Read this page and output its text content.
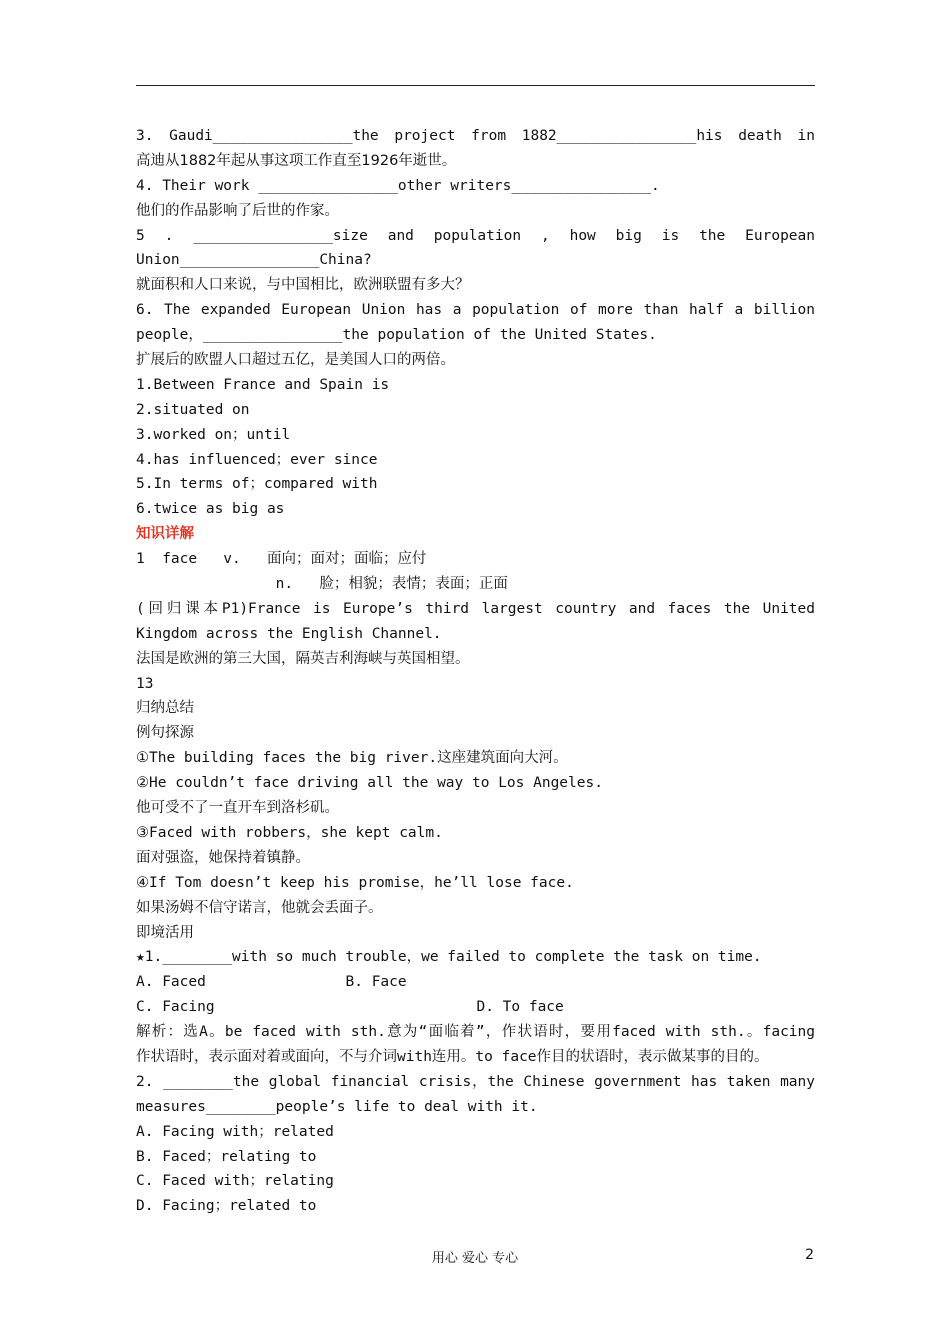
3. Gaudi________________the project from 1882________________his death in
高迪从1882年起从事这项工作直至1926年逝世。
4. Their work ________________other writers________________.
他们的作品影响了后世的作家。
5 . ________________size and population , how big is the European
Union________________China?
就面积和人口来说，与中国相比，欧洲联盟有多大？
6. The expanded European Union has a population of more than half a billion
people，________________the population of the United States.
扩展后的欧盟人口超过五亿，是美国人口的两倍。
1.Between France and Spain is
2.situated on
3.worked on；until
4.has influenced；ever since
5.In terms of；compared with
6.twice as big as
知识详解
1  face   v.   面向；面对；面临；应付
n.   脸；相貌；表情；表面；正面
(回归课本P1)France is Europe’s third largest country and faces the United
Kingdom across the English Channel.
法国是欧洲的第三大国，隔英吉利海峡与英国相望。
13
归纳总结
例句探源
①The building faces the big river.这座建筑面向大河。
②He couldn’t face driving all the way to Los Angeles.
他可受不了一直开车到洛杉矶。
③Faced with robbers，she kept calm.
面对强盗，她保持着镇静。
④If Tom doesn’t keep his promise，he’ll lose face.
如果汤姆不信守诺言，他就会丢面子。
即境活用
★1.________with so much trouble，we failed to complete the task on time.
A. Faced                B. Face
C. Facing                              D. To face
解析：选A。be faced with sth.意为“面临着”，作状语时，要用faced with sth.。facing
作状语时，表示面对着或面向，不与介词with连用。to face作目的状语时，表示做某事的目的。
2. ________the global financial crisis，the Chinese government has taken many
measures________people’s life to deal with it.
A. Facing with；related
B. Faced；relating to
C. Faced with；relating
D. Facing；related to
用心 爱心 专心	2
